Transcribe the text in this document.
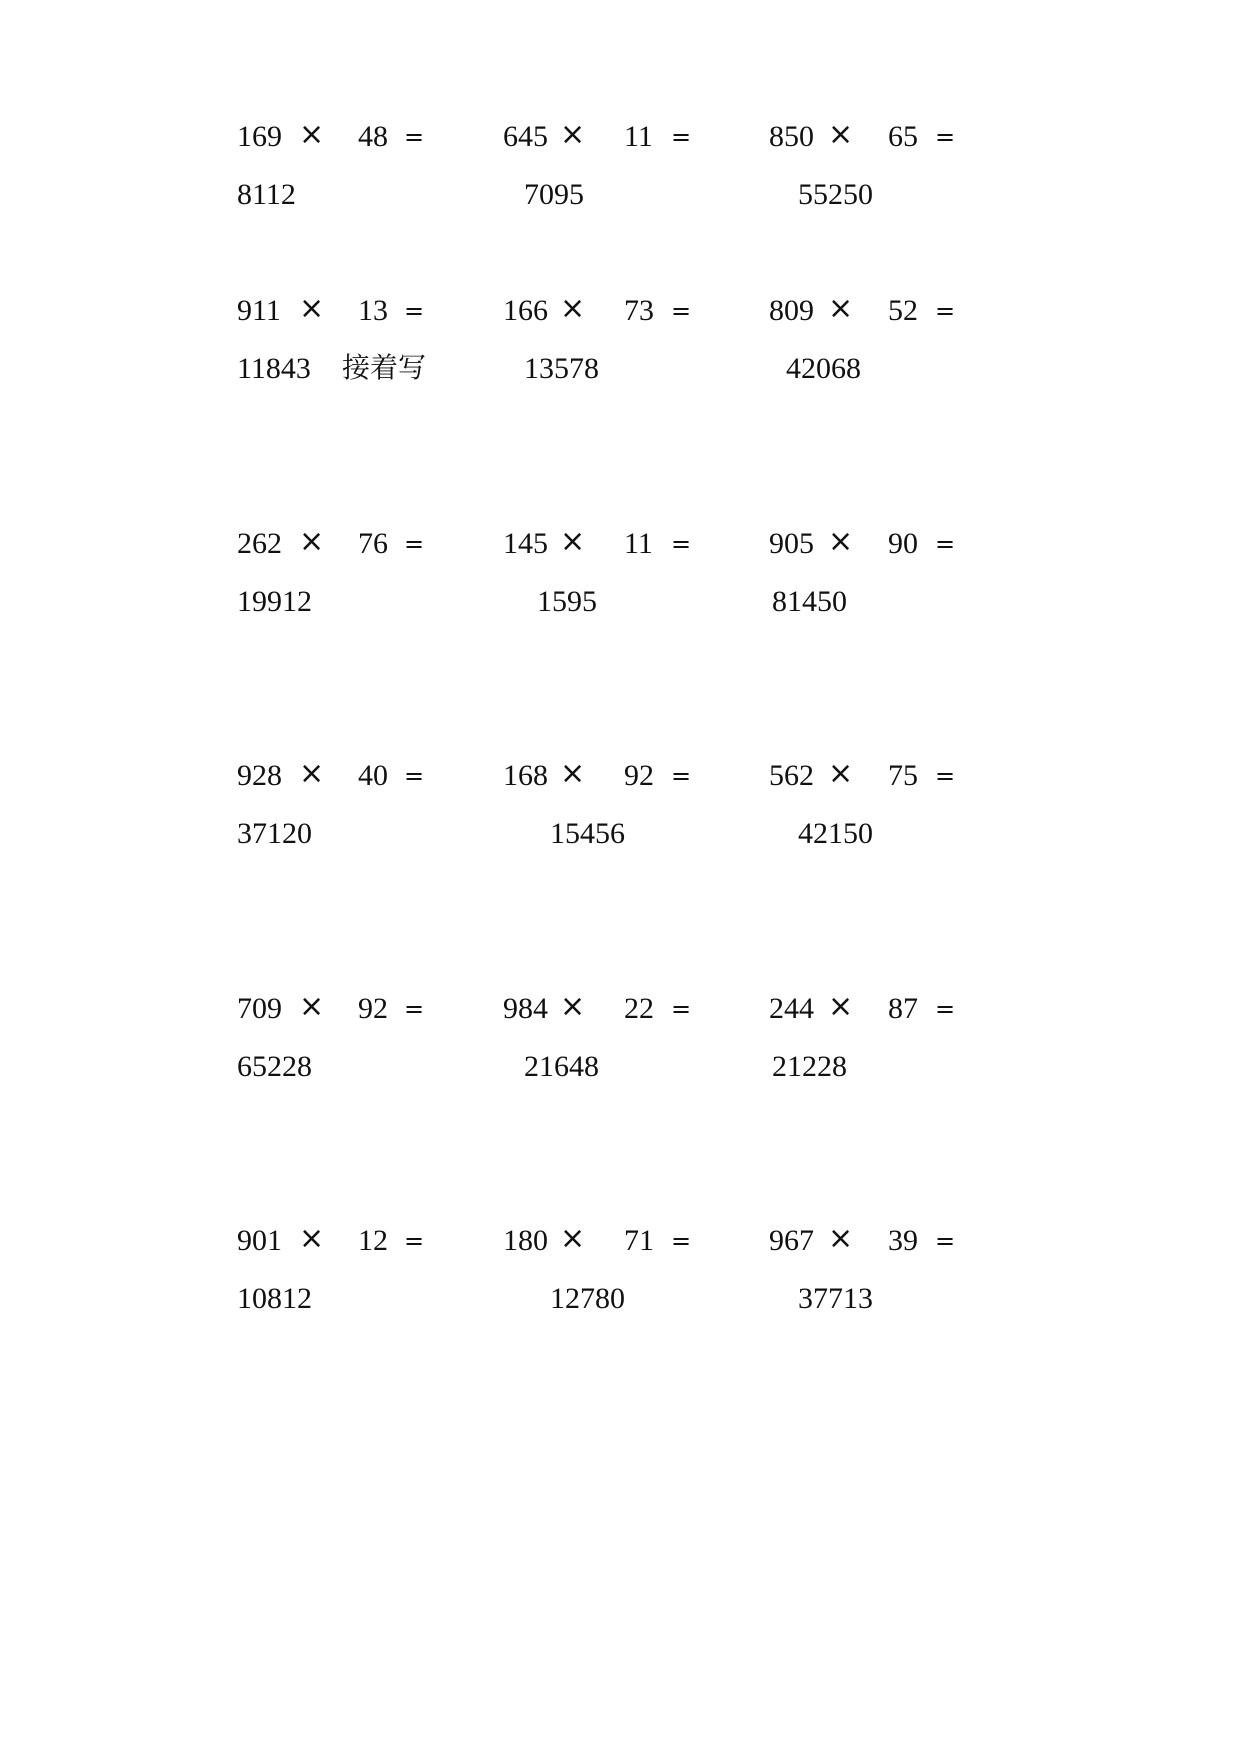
169 × 48 =
8112
645 × 11 =
7095
850 × 65 =
55250
911 × 13 =
11843 接着写
166 × 73 =
13578
809 × 52 =
42068
262 × 76 =
19912
145 × 11 =
1595
905 × 90 =
81450
928 × 40 =
37120
168 × 92 =
15456
562 × 75 =
42150
709 × 92 =
65228
984 × 22 =
21648
244 × 87 =
21228
901 × 12 =
10812
180 × 71 =
12780
967 × 39 =
37713
